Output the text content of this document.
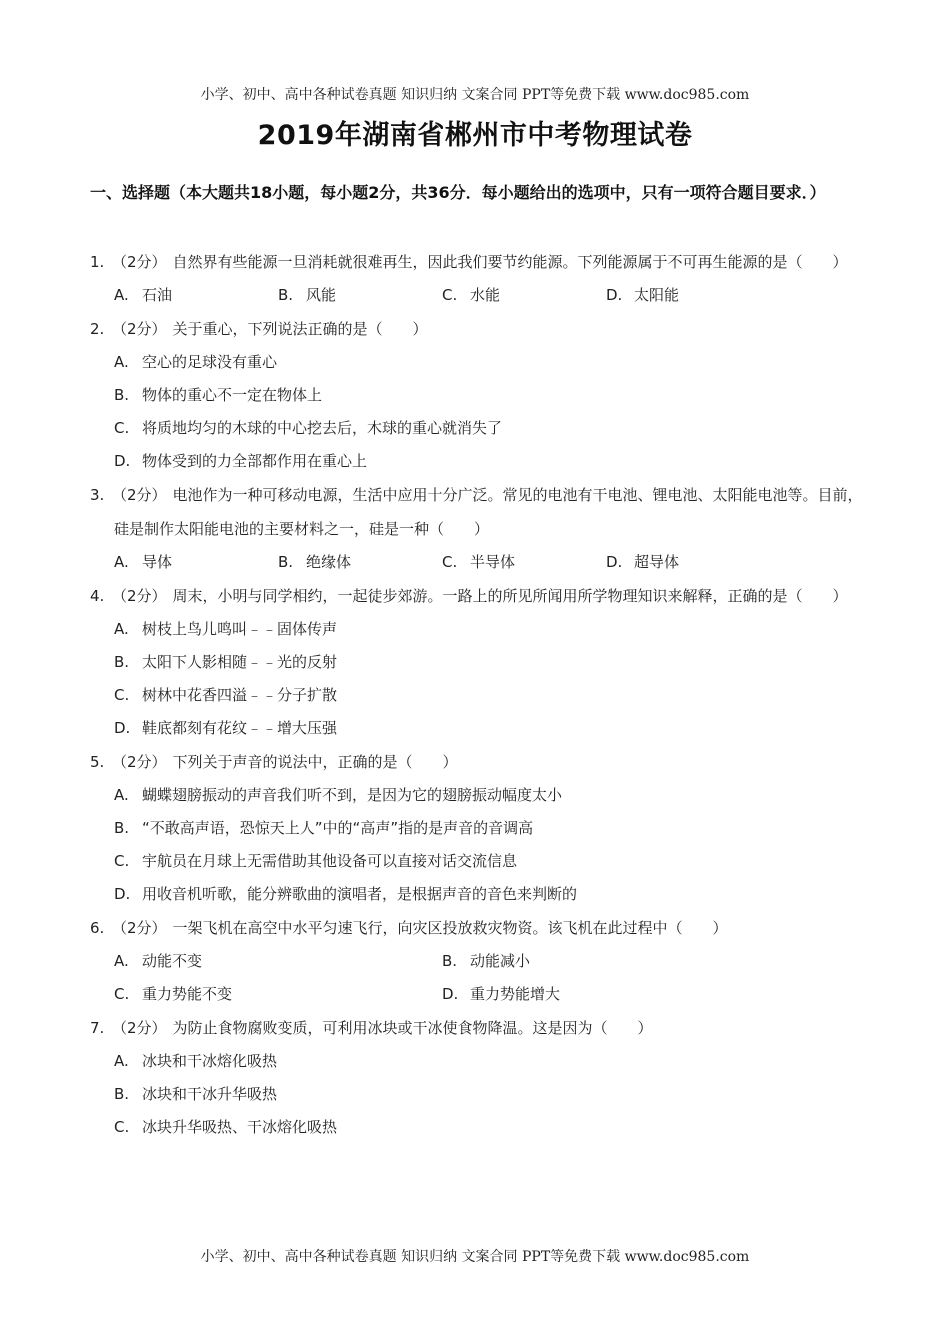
小学、初中、高中各种试卷真题 知识归纳 文案合同 PPT等免费下载 www.doc985.com
2019年湖南省郴州市中考物理试卷
一、选择题（本大题共18小题，每小题2分，共36分．每小题给出的选项中，只有一项符合题目要求．）
1. （2分） 自然界有些能源一旦消耗就很难再生，因此我们要节约能源。下列能源属于不可再生能源的是（　　）
A. 石油	B. 风能	C. 水能	D. 太阳能
2. （2分） 关于重心，下列说法正确的是（　　）
A. 空心的足球没有重心
B. 物体的重心不一定在物体上
C. 将质地均匀的木球的中心挖去后，木球的重心就消失了
D. 物体受到的力全部都作用在重心上
3. （2分） 电池作为一种可移动电源，生活中应用十分广泛。常见的电池有干电池、锂电池、太阳能电池等。目前，硅是制作太阳能电池的主要材料之一，硅是一种（　　）
A. 导体	B. 绝缘体	C. 半导体	D. 超导体
4. （2分） 周末，小明与同学相约，一起徒步郊游。一路上的所见所闻用所学物理知识来解释，正确的是（　　）
A. 树枝上鸟儿鸣叫﹣﹣固体传声
B. 太阳下人影相随﹣﹣光的反射
C. 树林中花香四溢﹣﹣分子扩散
D. 鞋底都刻有花纹﹣﹣增大压强
5. （2分） 下列关于声音的说法中，正确的是（　　）
A. 蝴蝶翅膀振动的声音我们听不到，是因为它的翅膀振动幅度太小
B. “不敢高声语，恐惊天上人”中的“高声”指的是声音的音调高
C. 宇航员在月球上无需借助其他设备可以直接对话交流信息
D. 用收音机听歌，能分辨歌曲的演唱者，是根据声音的音色来判断的
6. （2分） 一架飞机在高空中水平匀速飞行，向灾区投放救灾物资。该飞机在此过程中（　　）
A. 动能不变	B. 动能减小
C. 重力势能不变	D. 重力势能增大
7. （2分） 为防止食物腐败变质，可利用冰块或干冰使食物降温。这是因为（　　）
A. 冰块和干冰熔化吸热
B. 冰块和干冰升华吸热
C. 冰块升华吸热、干冰熔化吸热
小学、初中、高中各种试卷真题 知识归纳 文案合同 PPT等免费下载 www.doc985.com
